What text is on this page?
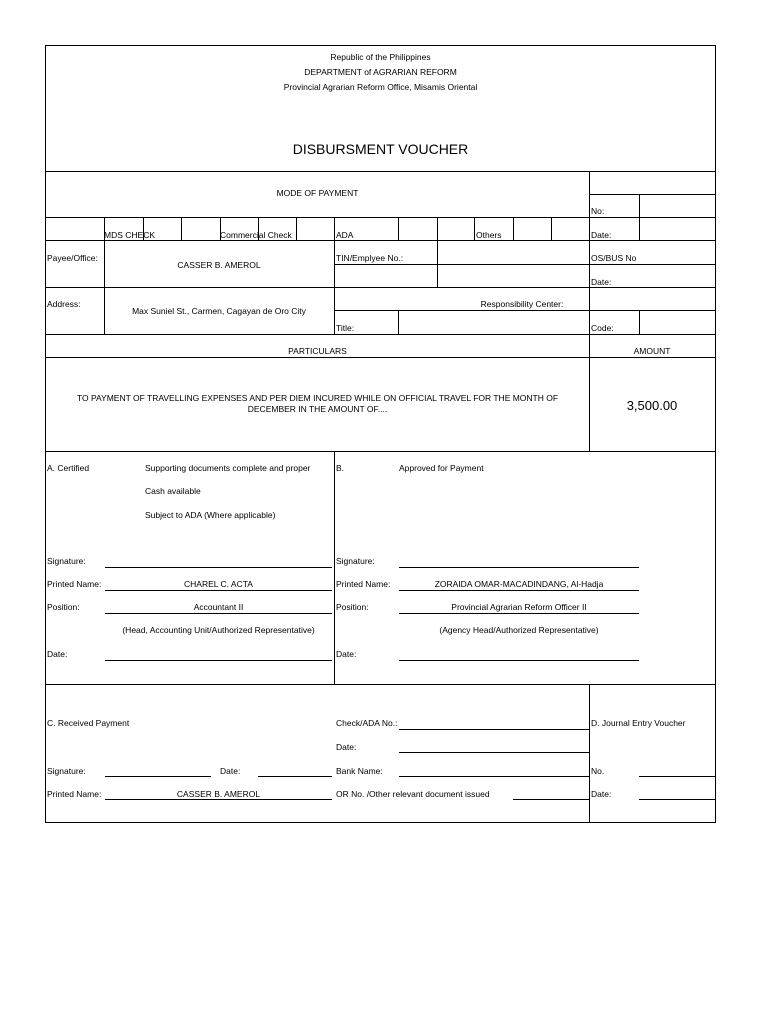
Republic of the Philippines
DEPARTMENT of AGRARIAN REFORM
Provincial Agrarian Reform Office, Misamis Oriental
DISBURSMENT VOUCHER
MODE OF PAYMENT
No:
MDS CHECK	Commercial Check	ADA	Others	Date:
Payee/Office:
CASSER B. AMEROL
TIN/Emplyee No.:	OS/BUS No
Date:
Address:
Max Suniel St., Carmen, Cagayan de Oro City
Responsibility Center:
Title:	Code:
PARTICULARS	AMOUNT
TO PAYMENT OF TRAVELLING EXPENSES AND PER DIEM INCURED WHILE ON OFFICIAL TRAVEL FOR THE MONTH OF
DECEMBER IN THE AMOUNT OF....	3,500.00
A. Certified	Supporting documents complete and proper
Cash available
Subject to ADA (Where applicable)
Signature:
Printed Name:	CHAREL C. ACTA
Position:	Accountant II
(Head, Accounting Unit/Authorized Representative)
Date:
B.	Approved for Payment
Signature:
Printed Name:	ZORAIDA OMAR-MACADINDANG, Al-Hadja
Position:	Provincial Agrarian Reform Officer II
(Agency Head/Authorized Representative)
Date:
C. Received Payment
Signature:	Date:
Printed Name:	CASSER B. AMEROL
Check/ADA No.:
Date:
Bank Name:
OR No. /Other relevant document issued
D. Journal Entry Voucher
No.
Date:
